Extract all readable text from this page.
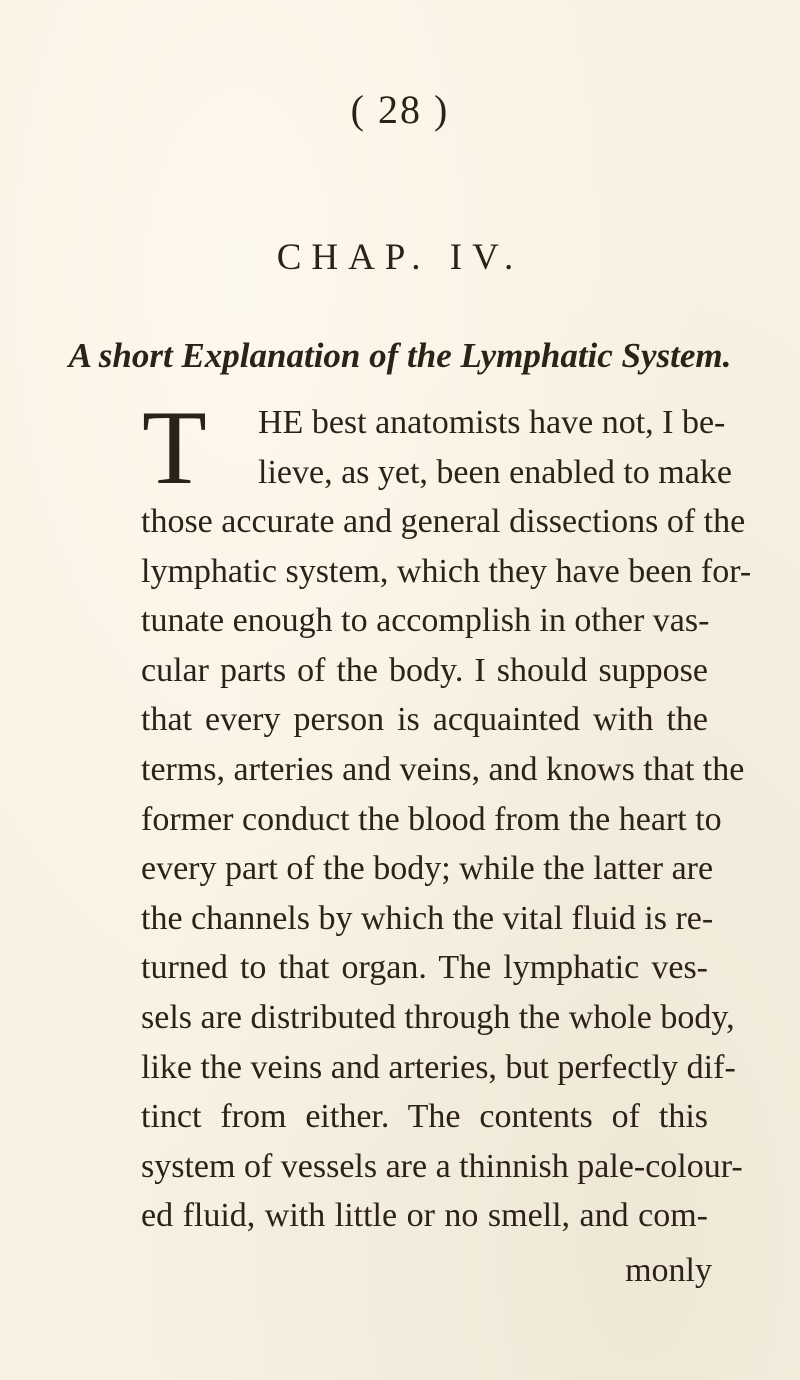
( 28 )
CHAP. IV.
A short Explanation of the Lymphatic System.
T HE best anatomists have not, I be-
lieve, as yet, been enabled to make
those accurate and general dissections of the
lymphatic system, which they have been for-
tunate enough to accomplish in other vas-
cular parts of the body. I should suppose
that every person is acquainted with the
terms, arteries and veins, and knows that the
former conduct the blood from the heart to
every part of the body; while the latter are
the channels by which the vital fluid is re-
turned to that organ. The lymphatic ves-
sels are distributed through the whole body,
like the veins and arteries, but perfectly dif-
tinct from either. The contents of this
system of vessels are a thinnish pale-colour-
ed fluid, with little or no smell, and com-
monly
